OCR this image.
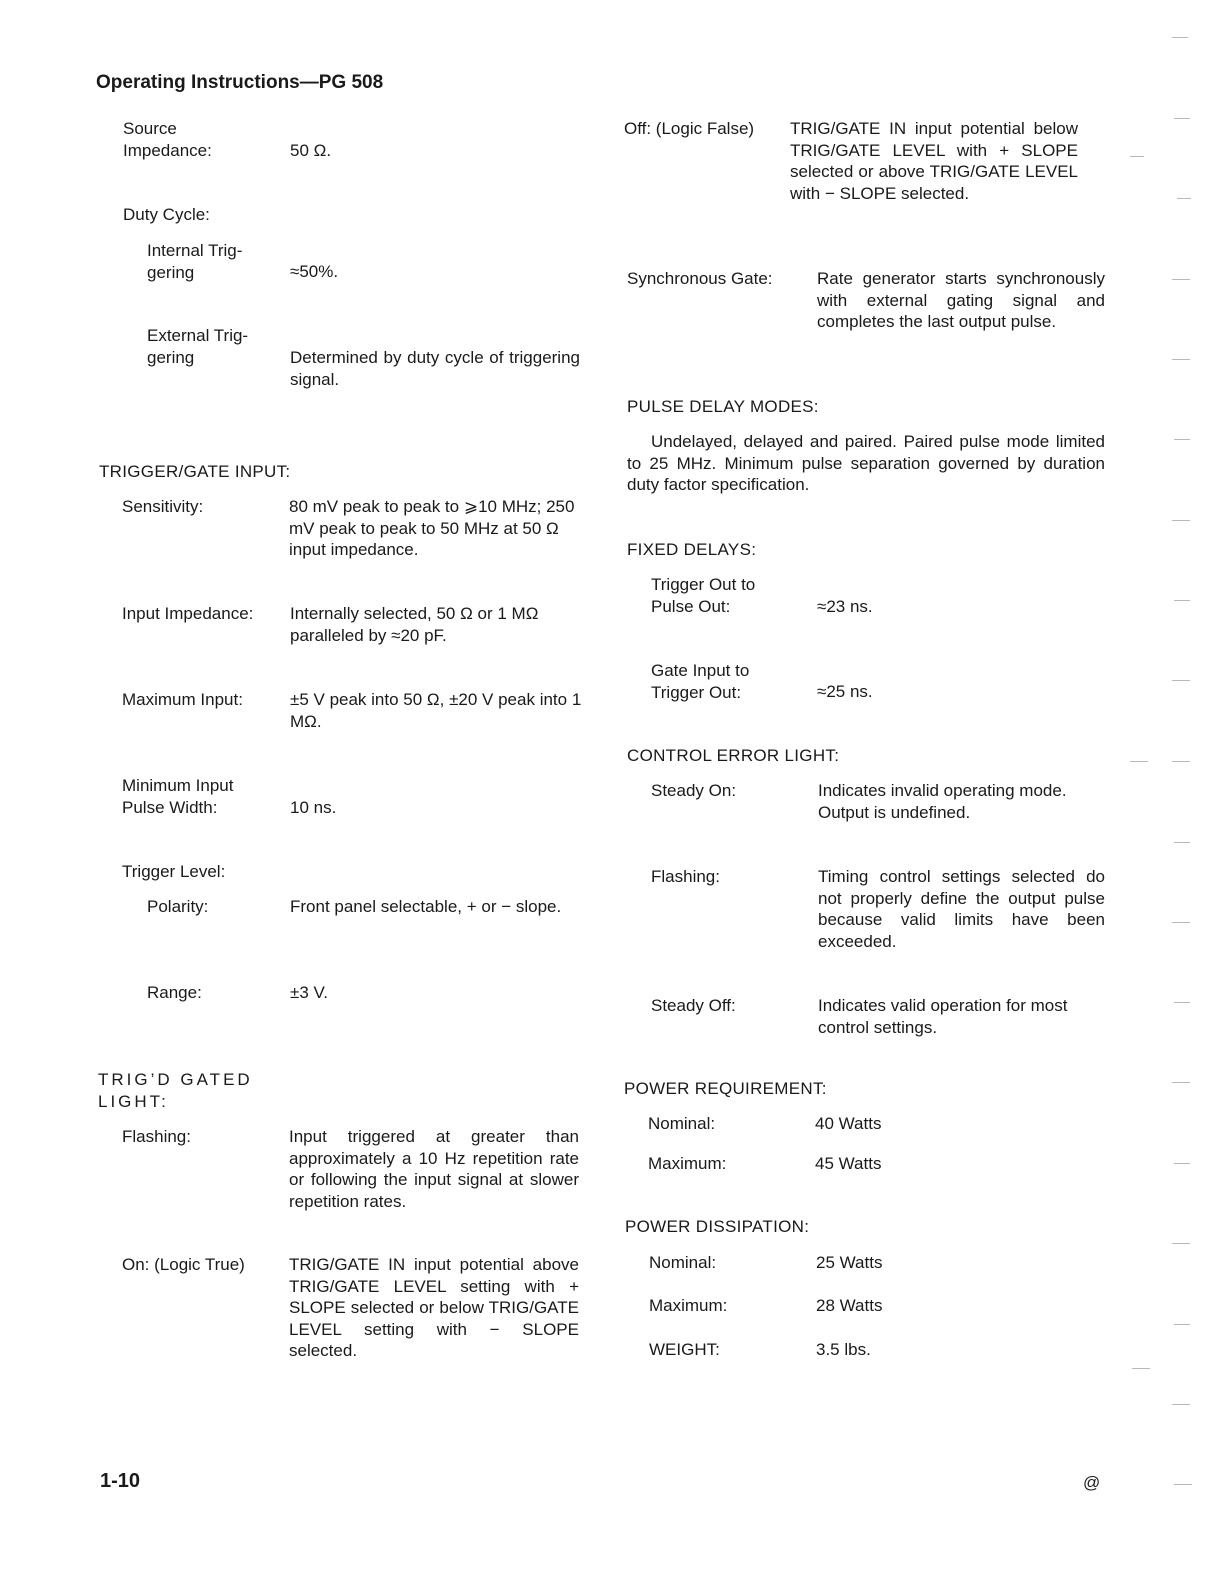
Operating Instructions—PG 508
Source
Impedance:	50 Ω.
Duty Cycle:
Internal Trig-
gering	≈50%.
External Trig-
gering	Determined by duty cycle of triggering signal.
TRIGGER/GATE INPUT:
Sensitivity:	80 mV peak to peak to ⩾10 MHz; 250 mV peak to peak to 50 MHz at 50 Ω input impedance.
Input Impedance: Internally selected, 50 Ω or 1 MΩ paralleled by ≈20 pF.
Maximum Input:	±5 V peak into 50 Ω, ±20 V peak into 1 MΩ.
Minimum Input
Pulse Width:	10 ns.
Trigger Level:
Polarity:	Front panel selectable, + or − slope.
Range:	±3 V.
TRIG’D GATED
LIGHT:
Flashing:	Input triggered at greater than approximately a 10 Hz repetition rate or following the input signal at slower repetition rates.
On: (Logic True)	TRIG/GATE IN input potential above TRIG/GATE LEVEL setting with + SLOPE selected or below TRIG/GATE LEVEL setting with − SLOPE selected.
Off: (Logic False) TRIG/GATE IN input potential below TRIG/GATE LEVEL with + SLOPE selected or above TRIG/GATE LEVEL with − SLOPE selected.
Synchronous Gate:	Rate generator starts synchronously with external gating signal and completes the last output pulse.
PULSE DELAY MODES:
Undelayed, delayed and paired. Paired pulse mode limited to 25 MHz. Minimum pulse separation governed by duration duty factor specification.
FIXED DELAYS:
Trigger Out to
Pulse Out:	≈23 ns.
Gate Input to
Trigger Out:	≈25 ns.
CONTROL ERROR LIGHT:
Steady On:	Indicates invalid operating mode. Output is undefined.
Flashing:	Timing control settings selected do not properly define the output pulse because valid limits have been exceeded.
Steady Off:	Indicates valid operation for most control settings.
POWER REQUIREMENT:
Nominal:	40 Watts
Maximum:	45 Watts
POWER DISSIPATION:
Nominal:	25 Watts
Maximum:	28 Watts
WEIGHT:	3.5 lbs.
1-10	@
